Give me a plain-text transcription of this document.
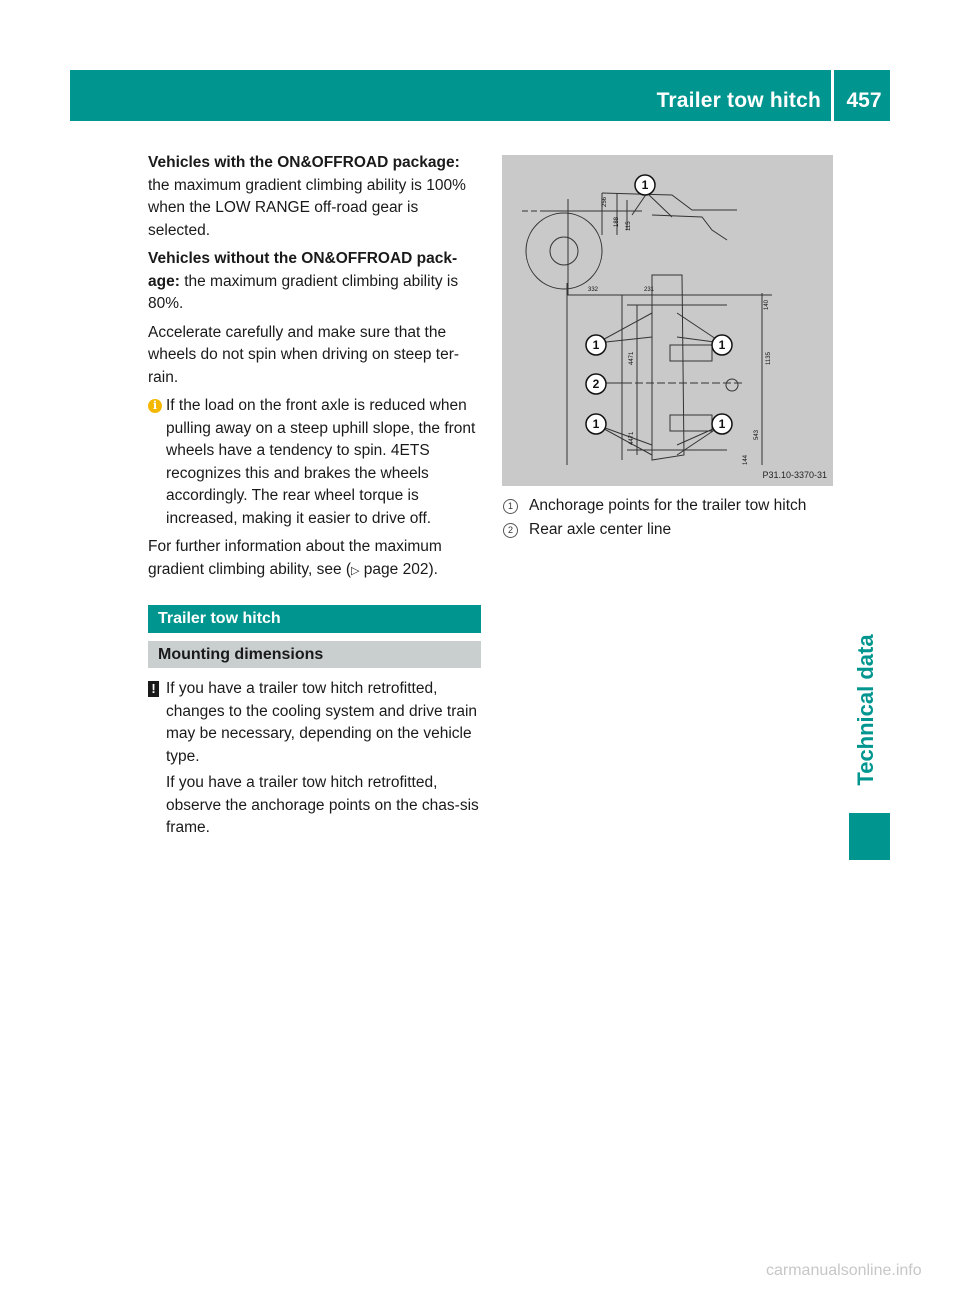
Trailer tow hitch	457

Vehicles with the ON&OFFROAD package: the maximum gradient climbing ability is 100% when the LOW RANGE off-road gear is selected.

Vehicles without the ON&OFFROAD pack-age: the maximum gradient climbing ability is 80%.

Accelerate carefully and make sure that the wheels do not spin when driving on steep ter-rain.

i If the load on the front axle is reduced when pulling away on a steep uphill slope, the front wheels have a tendency to spin. 4ETS recognizes this and brakes the wheels accordingly. The rear wheel torque is increased, making it easier to drive off.

For further information about the maximum gradient climbing ability, see (▷ page 202).

Trailer tow hitch
Mounting dimensions
! If you have a trailer tow hitch retrofitted, changes to the cooling system and drive train may be necessary, depending on the vehicle type.

If you have a trailer tow hitch retrofitted, observe the anchorage points on the chas-sis frame.

256
188 115
332	231
140
1135
4471
4471	543
144
1
1	1
2
1	1
P31.10-3370-31
1	Anchorage points for the trailer tow hitch
2	Rear axle center line
Technical data
carmanualsonline.info
